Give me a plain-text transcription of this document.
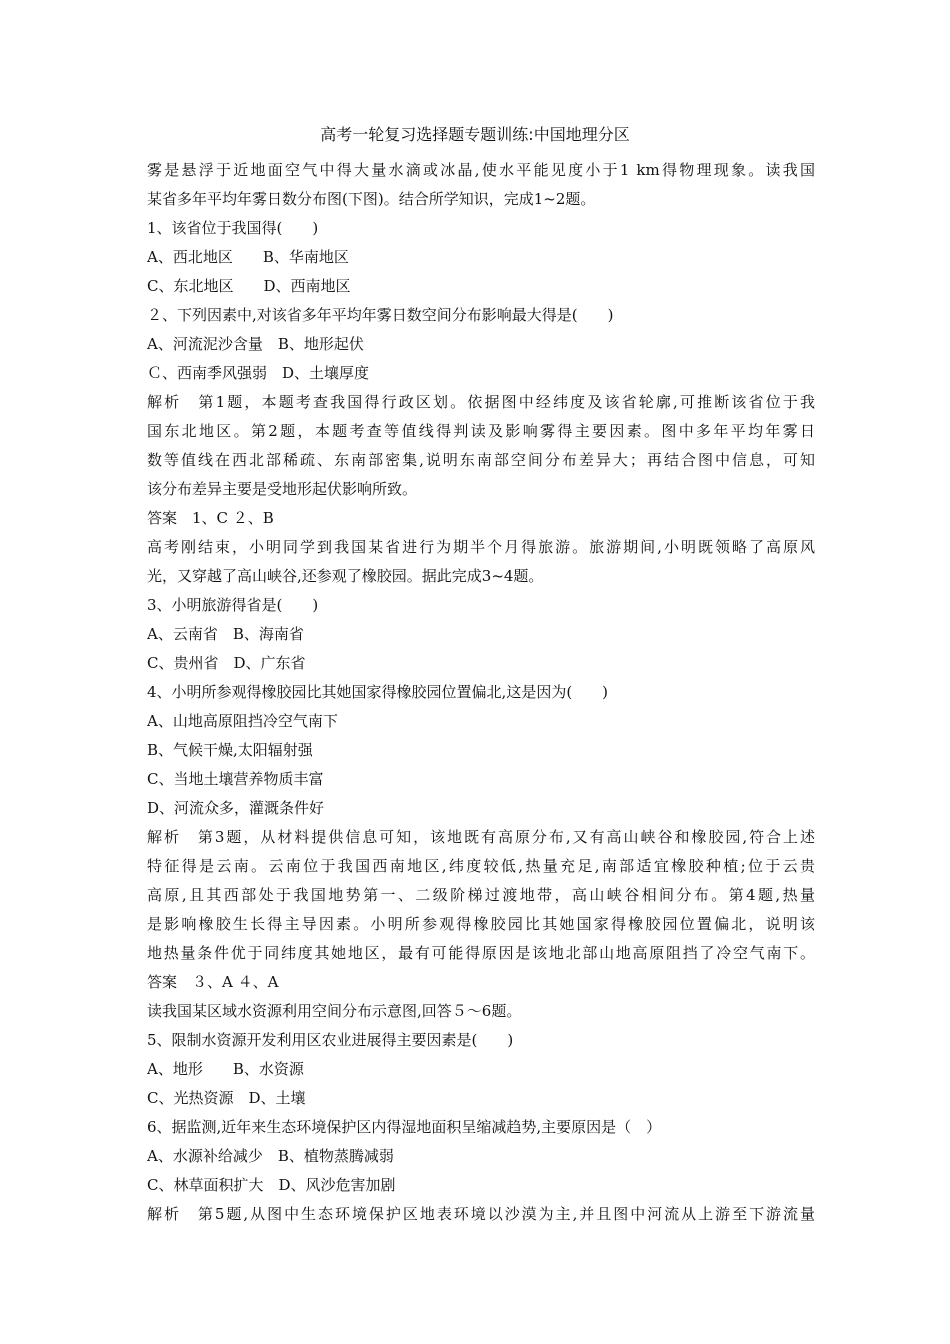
高考一轮复习选择题专题训练:中国地理分区
雾是悬浮于近地面空气中得大量水滴或冰晶,使水平能见度小于1 km得物理现象。读我国
某省多年平均年雾日数分布图(下图)。结合所学知识，完成1~2题。
1、该省位于我国得(　　)
A、西北地区　　B、华南地区
C、东北地区　　D、西南地区
２、下列因素中,对该省多年平均年雾日数空间分布影响最大得是(　　)
A、河流泥沙含量　B、地形起伏
Ｃ、西南季风强弱　D、土壤厚度
解析　第1题，本题考查我国得行政区划。依据图中经纬度及该省轮廓,可推断该省位于我
国东北地区。第2题，本题考查等值线得判读及影响雾得主要因素。图中多年平均年雾日
数等值线在西北部稀疏、东南部密集,说明东南部空间分布差异大；再结合图中信息，可知
该分布差异主要是受地形起伏影响所致。
答案　1、C ２、B
高考刚结束，小明同学到我国某省进行为期半个月得旅游。旅游期间,小明既领略了高原风
光，又穿越了高山峡谷,还参观了橡胶园。据此完成3~4题。
3、小明旅游得省是(　　)
A、云南省　B、海南省
C、贵州省　D、广东省
4、小明所参观得橡胶园比其她国家得橡胶园位置偏北,这是因为(　　)
A、山地高原阻挡冷空气南下
B、气候干燥,太阳辐射强
C、当地土壤营养物质丰富
D、河流众多，灌溉条件好
解析　第3题，从材料提供信息可知，该地既有高原分布,又有高山峡谷和橡胶园,符合上述
特征得是云南。云南位于我国西南地区,纬度较低,热量充足,南部适宜橡胶种植;位于云贵
高原,且其西部处于我国地势第一、二级阶梯过渡地带，高山峡谷相间分布。第4题,热量
是影响橡胶生长得主导因素。小明所参观得橡胶园比其她国家得橡胶园位置偏北，说明该
地热量条件优于同纬度其她地区，最有可能得原因是该地北部山地高原阻挡了冷空气南下。
答案　３、A ４、A
读我国某区域水资源利用空间分布示意图,回答５～6题。
5、限制水资源开发利用区农业进展得主要因素是(　　)
A、地形　　B、水资源
C、光热资源　D、土壤
6、据监测,近年来生态环境保护区内得湿地面积呈缩减趋势,主要原因是（　）
A、水源补给减少　B、植物蒸腾减弱
C、林草面积扩大　D、风沙危害加剧
解析　第5题,从图中生态环境保护区地表环境以沙漠为主,并且图中河流从上游至下游流量
